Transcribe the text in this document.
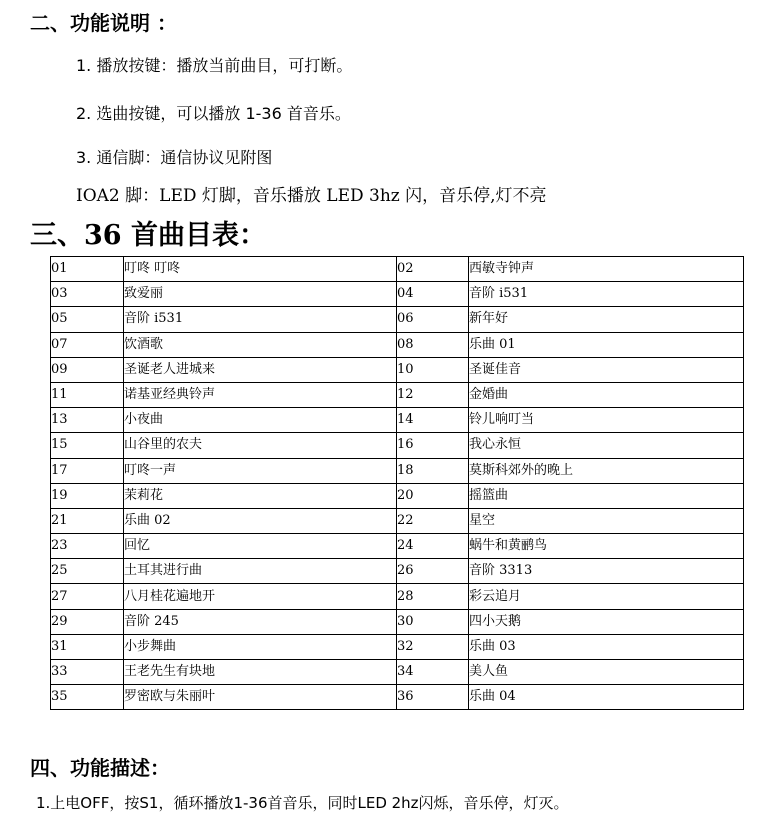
二、功能说明 ：
1. 播放按键：播放当前曲目，可打断。
2. 选曲按键，可以播放 1-36 首音乐。
3. 通信脚：通信协议见附图
IOA2 脚：LED 灯脚，音乐播放 LED 3hz 闪，音乐停,灯不亮
三、36 首曲目表：
01	叮咚 叮咚	02	西敏寺钟声
03	致爱丽	04	音阶 i531
05	音阶 i531	06	新年好
07	饮酒歌	08	乐曲 01
09	圣诞老人进城来	10	圣诞佳音
11	诺基亚经典铃声	12	金婚曲
13	小夜曲	14	铃儿响叮当
15	山谷里的农夫	16	我心永恒
17	叮咚一声	18	莫斯科郊外的晚上
19	茉莉花	20	摇篮曲
21	乐曲 02	22	星空
23	回忆	24	蜗牛和黄鹂鸟
25	土耳其进行曲	26	音阶 3313
27	八月桂花遍地开	28	彩云追月
29	音阶 245	30	四小天鹅
31	小步舞曲	32	乐曲 03
33	王老先生有块地	34	美人鱼
35	罗密欧与朱丽叶	36	乐曲 04
四、功能描述：
1.上电OFF，按S1，循环播放1-36首音乐，同时LED 2hz闪烁，音乐停，灯灭。
